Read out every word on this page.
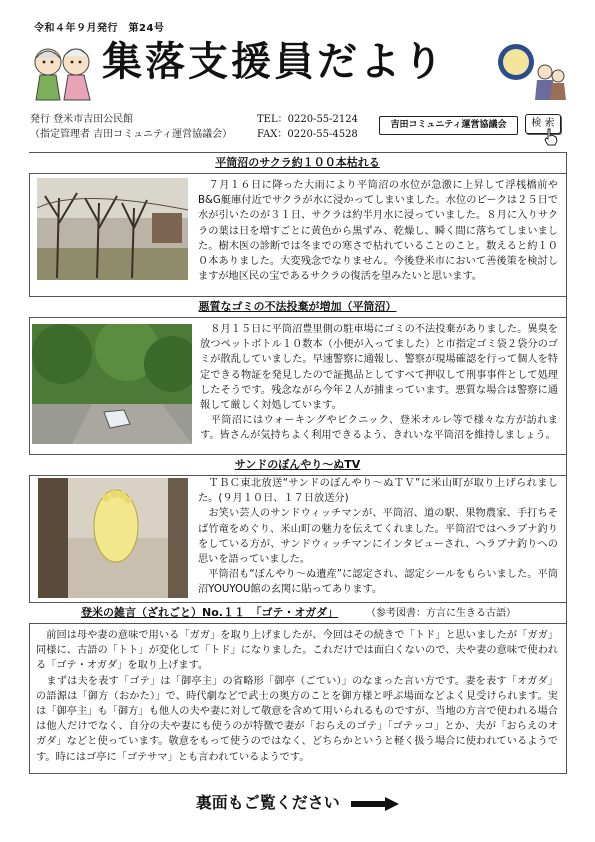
令和４年９月発行　第24号
集落支援員だより
発行 登米市吉田公民館
（指定管理者 吉田コミュニティ運営協議会）
TEL：0220-55-2124
FAX：0220-55-4528
吉田コミュニティ運営協議会	検 索
平筒沼のサクラ約１００本枯れる
　７月１６日に降った大雨により平筒沼の水位が急激に上昇して浮桟橋前やB&G艇庫付近でサクラが水に浸かってしまいました。水位のピークは２５日で水が引いたのが３１日、サクラは約半月水に浸っていました。８月に入りサクラの葉は日を増すごとに黄色から黒ずみ、乾燥し、瞬く間に落ちてしまいました。樹木医の診断では冬までの寒さで枯れていることのこと。数えると約１００本ありました。大変残念でなりません。今後登米市において善後策を検討しますが地区民の宝であるサクラの復活を望みたいと思います。
悪質なゴミの不法投棄が増加（平筒沼）
　８月１５日に平筒沼豊里側の駐車場にゴミの不法投棄がありました。異臭を放つペットボトル１０数本（小便が入ってました）と市指定ゴミ袋２袋分のゴミが散乱していました。早速警察に通報し、警察が現場確認を行って個人を特定できる物証を発見したので証拠品としてすべて押収して刑事事件として処理したそうです。残念ながら今年２人が捕まっています。悪質な場合は警察に通報して厳しく対処しています。
　平筒沼にはウォーキングやピクニック、登米オルレ等で様々な方が訪れます。皆さんが気持ちよく利用できるよう、きれいな平筒沼を維持しましょう。
サンドのぼんやり～ぬTV
　ＴＢＣ東北放送“サンドのぼんやり～ぬＴＶ”に米山町が取り上げられました。(９月１０日、１７日放送分)
　お笑い芸人のサンドウィッチマンが、平筒沼、道の駅、果物農家、手打ちそば竹竜をめぐり、米山町の魅力を伝えてくれました。平筒沼ではヘラブナ釣りをしている方が、サンドウィッチマンにインタビューされ、ヘラブナ釣りへの思いを語っていました。
　平筒沼も“ぼんやり～ぬ遺産”に認定され、認定シールをもらいました。平筒沼YOUYOU館の玄関に貼ってあります。
登米の雑言（ざれごと）No.１１　「ゴテ・オガダ」	（参考図書：方言に生きる古語）
　前回は母や妻の意味で用いる「ガガ」を取り上げましたが、今回はその続きで「トド」と思いましたが「ガガ」同様に、古語の「トト」が変化して「トド」になりました。これだけでは面白くないので、夫や妻の意味で使われる「ゴテ・オガダ」を取り上げます。
　まずは夫を表す「ゴテ」は「御亭主」の省略形「御亭（ごてい）」のなまった言い方です。妻を表す「オガダ」の語源は「御方（おかた）」で、時代劇などで武士の奥方のことを御方様と呼ぶ場面などよく見受けられます。実は「御亭主」も「御方」も他人の夫や妻に対して敬意を含めて用いられるものですが、当地の方言で使われる場合は他人だけでなく、自分の夫や妻にも使うのが特徴で妻が「おらえのゴテ」「ゴテッコ」とか、夫が「おらえのオガダ」などと使っています。敬意をもって使うのではなく、どちらかというと軽く扱う場合に使われているようです。時にはゴ亭に「ゴテサマ」とも言われているようです。
裏面もご覧ください
